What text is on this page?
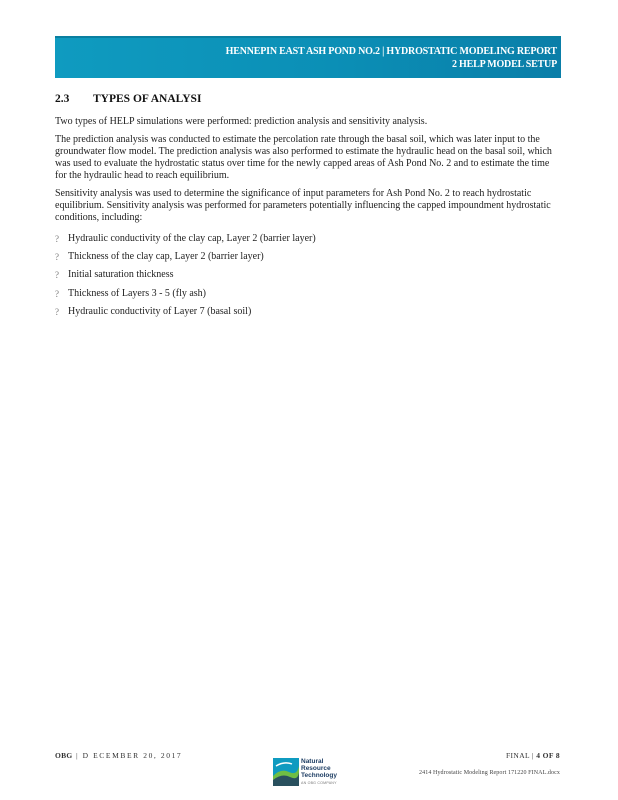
HENNEPIN EAST ASH POND NO.2 | HYDROSTATIC MODELING REPORT
2 HELP MODEL SETUP
2.3 TYPES OF ANALYSI

Two types of HELP simulations were performed: prediction analysis and sensitivity analysis.

The prediction analysis was conducted to estimate the percolation rate through the basal soil, which was later input to the groundwater flow model. The prediction analysis was also performed to estimate the hydraulic head on the basal soil, which was used to evaluate the hydrostatic status over time for the newly capped areas of Ash Pond No. 2 and to estimate the time for the hydraulic head to reach equilibrium.

Sensitivity analysis was used to determine the significance of input parameters for Ash Pond No. 2 to reach hydrostatic equilibrium. Sensitivity analysis was performed for parameters potentially influencing the capped impoundment hydrostatic conditions, including:

? Hydraulic conductivity of the clay cap, Layer 2 (barrier layer)
? Thickness of the clay cap, Layer 2 (barrier layer)
? Initial saturation thickness
? Thickness of Layers 3 - 5 (fly ash)
? Hydraulic conductivity of Layer 7 (basal soil)
OBG | D ECEMBER 20, 2017
Natural
Resource
Technology
AN OBG COMPANY
FINAL | 4 OF 8
2414 Hydrostatic Modeling Report 171220 FINAL.docx
